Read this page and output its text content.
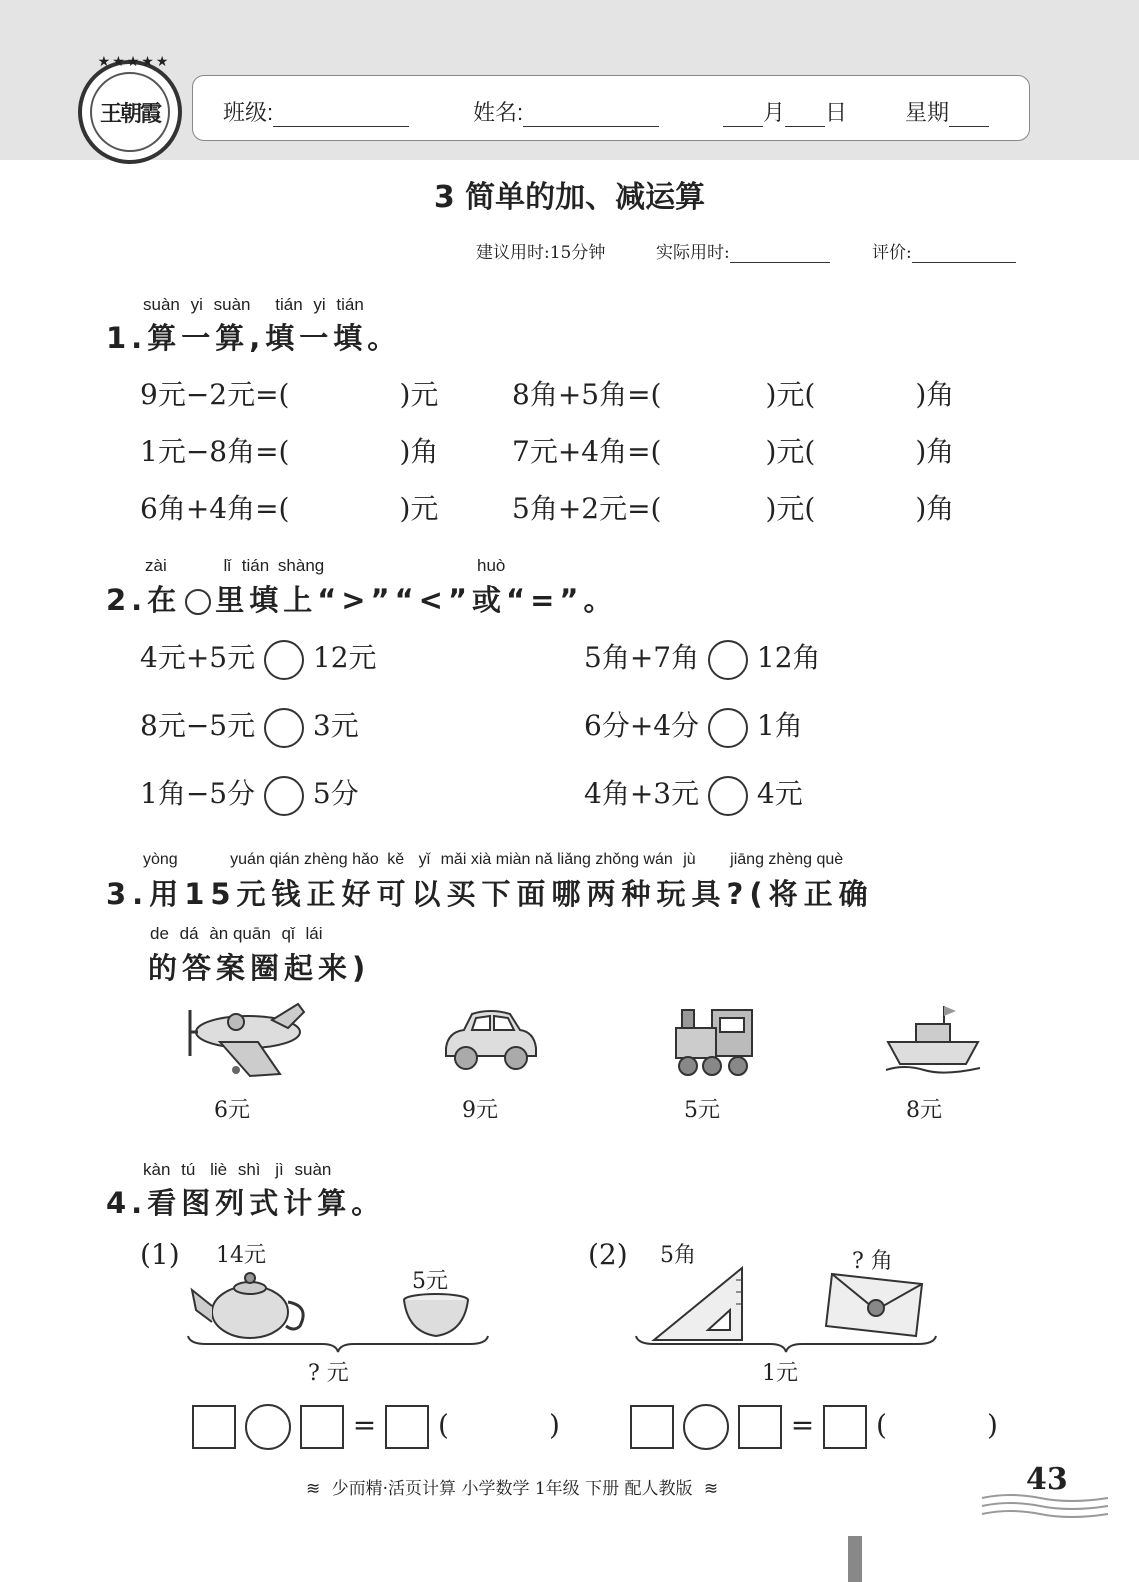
★★★★★
王朝霞	班级:	姓名:	月 日	星期
3 简单的加、减运算
建议用时:15分钟	实际用时:	评价:
suàn yi suàn tián yi tián
1.算一算,填一填。
9元−2元=(	)元	8角+5角=(	)元(	)角
1元−8角=(	)角	7元+4角=(	)元(	)角
6角+4角=(	)元	5角+2元=(	)元(	)角
zài	lǐ tián shàng	huò
2.在 里填上“>”“<”或“=”。
4元+5元 12元	5角+7角 12角
8元−5元 3元	6分+4分 1角
1角−5分 5分	4角+3元 4元
yòng	yuán qián zhèng hǎo kě yǐ mǎi xià miàn nǎ liǎng zhǒng wán jù jiāng zhèng què
3.用15元钱正好可以买下面哪两种玩具?(将正确
de dá àn quān qǐ lái
的答案圈起来)
6元	9元	5元	8元
kàn tú liè shì jì suàn
4.看图列式计算。
(1) 14元
5元
? 元
(2) 5角	? 角
1元
= (	)	= (	)
≋ 少而精·活页计算 小学数学 1年级 下册 配人教版 ≋	43
